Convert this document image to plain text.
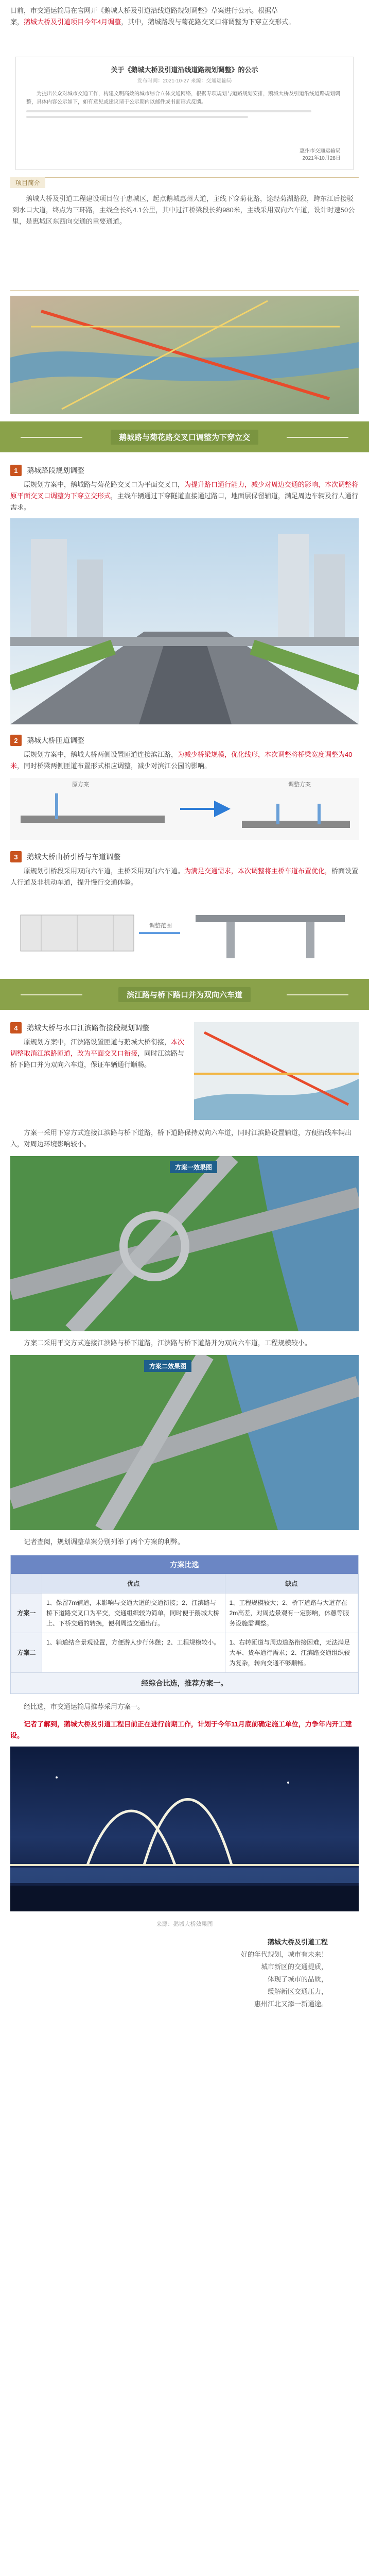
日前，市交通运输局在官网开《鹅城大桥及引道沿线道路规划调整》草案进行公示。根据草
案，鹅城大桥及引道项目今年4月调整，其中，鹅城路段与菊花路交叉口将调整为下穿立交形式。

关于《鹅城大桥及引道沿线道路规划调整》的公示
发布时间：2021-10-27 来源：交通运输局

为提出公众对城市交通工作，构建文明高效的城市综合立体交通网络，根据专项规划与道路规划安排，鹅城大桥及引道沿线道路规划调整，具体内容公示如下，如有意见或建议请于公示期内以邮件或书面形式反馈。

惠州市交通运输局
2021年10月28日
项目简介

鹅城大桥及引道工程建设项目位于惠城区，起点鹅城惠州大道，主线下穿菊花路，途经菊湖路段，跨东江后接驳到水口大道，终点为三环路，主线全长约4.1公里，其中过江桥梁段长约980米，主线采用双向六车道，设计时速50公里，是惠城区东西向交通的重要通道。

鹅城路与菊花路交叉口调整为下穿立交
1	鹅城路段规划调整

原规划方案中，鹅城路与菊花路交叉口为平面交叉口，为提升路口通行能力，减少对周边交通的影响，本次调整将原平面交叉口调整为下穿立交形式，主线车辆通过下穿隧道直接通过路口，地面层保留辅道，满足周边车辆及行人通行需求。

2	鹅城大桥匝道调整

原规划方案中，鹅城大桥两侧设置匝道连接滨江路，为减少桥梁规模，优化线形，本次调整将桥梁宽度调整为40米，同时桥梁两侧匝道布置形式相应调整，减少对滨江公园的影响。

原方案	调整方案
3	鹅城大桥由桥引桥与车道调整

原规划引桥段采用双向六车道，主桥采用双向六车道。为满足交通需求，本次调整将主桥车道布置优化，桥面设置人行道及非机动车道，提升慢行交通体验。

调整范围
滨江路与桥下路口并为双向六车道
4	鹅城大桥与水口江滨路衔接段规划调整

原规划方案中，江滨路设置匝道与鹅城大桥衔接，本次调整取消江滨路匝道，改为平面交叉口衔接，同时江滨路与桥下路口并为双向六车道，保证车辆通行顺畅。

方案一采用下穿方式连接江滨路与桥下道路，桥下道路保持双向六车道，同时江滨路设置辅道，方便沿线车辆出入，对周边环境影响较小。

方案一效果图

方案二采用平交方式连接江滨路与桥下道路，江滨路与桥下道路并为双向六车道，工程规模较小。

方案二效果图

记者查阅，规划调整草案分别列举了两个方案的利弊。

方案比选
	优点	缺点
方案一	1、保留7m辅道，未影响与交通大道的交通衔接；2、江滨路与桥下道路交叉口为平交，交通组织较为简单，同时便于鹅城大桥上、下桥交通的转换，便利周边交通出行。	1、工程规模较大；2、桥下道路与大道存在2m高差，对周边景观有一定影响，休憩等服务设施需调整。
方案二	1、辅道结合景观设置，方便游人步行休憩；2、工程规模较小。	1、右转匝道与周边道路衔接困难，无法满足大车、货车通行需求；2、江滨路交通组织较为复杂，转向交通不够顺畅。
经综合比选，推荐方案一。

经比选，市交通运输局推荐采用方案一。

记者了解到，鹅城大桥及引道工程目前正在进行前期工作，计划于今年11月底前确定施工单位，力争年内开工建设。

来源：鹅城大桥效果图
鹅城大桥及引道工程
好的年代规划，城市有未来！
城市新区的交通提质，
体现了城市的品质，
缓解新区交通压力，
惠州江北又添一新通途。
